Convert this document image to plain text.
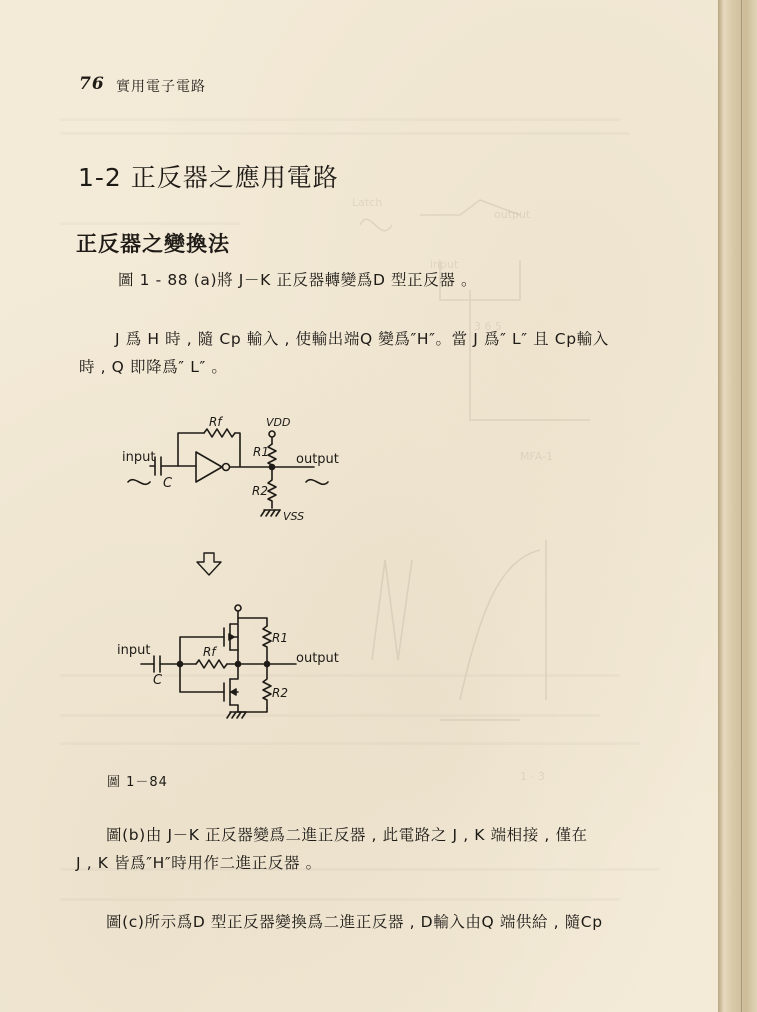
Latch
output
input
3 6 5
MFA-1
1 - 3
76 實用電子電路
1-2 正反器之應用電路
正反器之變換法
圖 1 - 88 (a)將 J－K 正反器轉變爲D 型正反器 。
J 爲 H 時 , 隨 Cp 輸入 , 使輸出端Q 變爲″H″。當 J 爲″ L″ 且 Cp輸入
時 , Q 即降爲″ L″ 。
input
C
Rf	VDD
R1 output
R2
VSS
input
C
Rf
R1
output
R2
圖 1－84
圖(b)由 J－K 正反器變爲二進正反器 , 此電路之 J , K 端相接 , 僅在
J , K 皆爲″H″時用作二進正反器 。
圖(c)所示爲D 型正反器變換爲二進正反器 , D輸入由Q 端供給 , 隨Cp
